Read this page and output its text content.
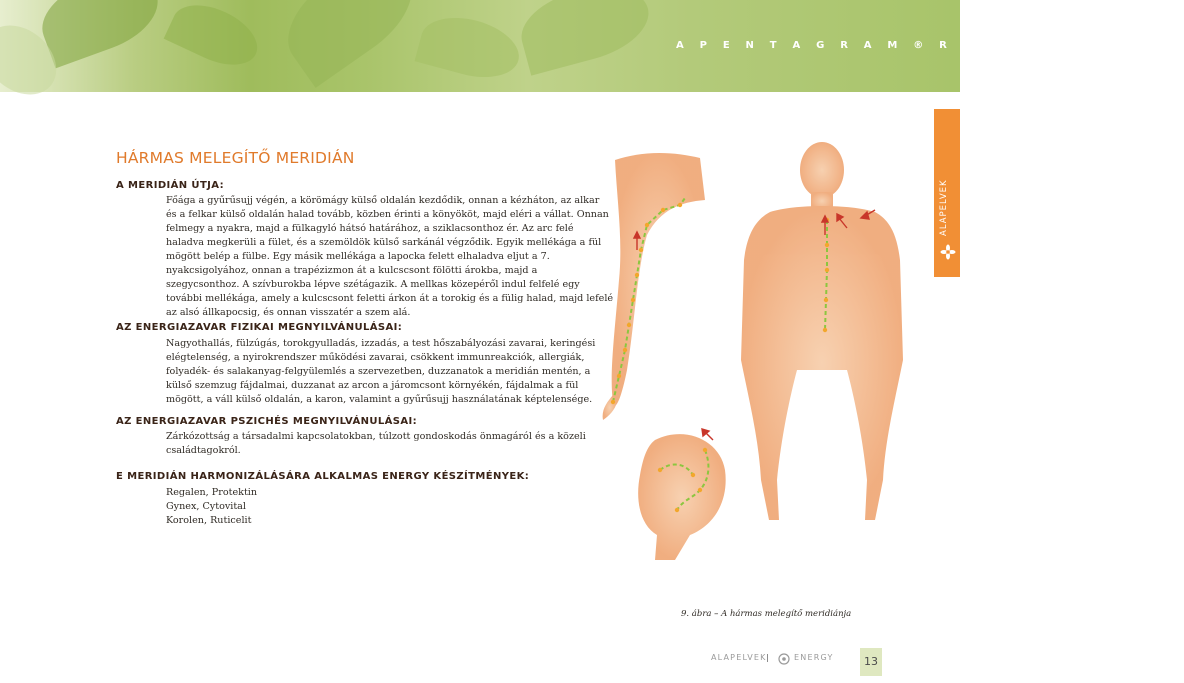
A P E N T A G R A M ® R E G E N E R Á C I Ó
ALAPELVEK
HÁRMAS MELEGÍTŐ MERIDIÁN
A MERIDIÁN ÚTJA:
Főága a gyűrűsujj végén, a körömágy külső oldalán kezdődik, onnan a kézháton, az alkar
és a felkar külső oldalán halad tovább, közben érinti a könyököt, majd eléri a vállat. Onnan
felmegy a nyakra, majd a fülkagyló hátsó határához, a sziklacsonthoz ér. Az arc felé
haladva megkerüli a fület, és a szemöldök külső sarkánál végződik. Egyik mellékága a fül
mögött belép a fülbe. Egy másik mellékága a lapocka felett elhaladva eljut a 7.
nyakcsigolyához, onnan a trapézizmon át a kulcscsont fölötti árokba, majd a
szegycsonthoz. A szívburokba lépve szétágazik. A mellkas közepéről indul felfelé egy
további mellékága, amely a kulcscsont feletti árkon át a torokig és a fülig halad, majd lefelé
az alsó állkapocsig, és onnan visszatér a szem alá.
AZ ENERGIAZAVAR FIZIKAI MEGNYILVÁNULÁSAI:
Nagyothallás, fülzúgás, torokgyulladás, izzadás, a test hőszabályozási zavarai, keringési
elégtelenség, a nyirokrendszer működési zavarai, csökkent immunreakciók, allergiák,
folyadék- és salakanyag-felgyülemlés a szervezetben, duzzanatok a meridián mentén, a
külső szemzug fájdalmai, duzzanat az arcon a járomcsont környékén, fájdalmak a fül
mögött, a váll külső oldalán, a karon, valamint a gyűrűsujj használatának képtelensége.
AZ ENERGIAZAVAR PSZICHÉS MEGNYILVÁNULÁSAI:
Zárkózottság a társadalmi kapcsolatokban, túlzott gondoskodás önmagáról és a közeli
családtagokról.
E MERIDIÁN HARMONIZÁLÁSÁRA ALKALMAS ENERGY KÉSZÍTMÉNYEK:
Regalen, Protektin
Gynex, Cytovital
Korolen, Ruticelit
9. ábra – A hármas melegítő meridiánja
ALAPELVEK |	ENERGY	13
